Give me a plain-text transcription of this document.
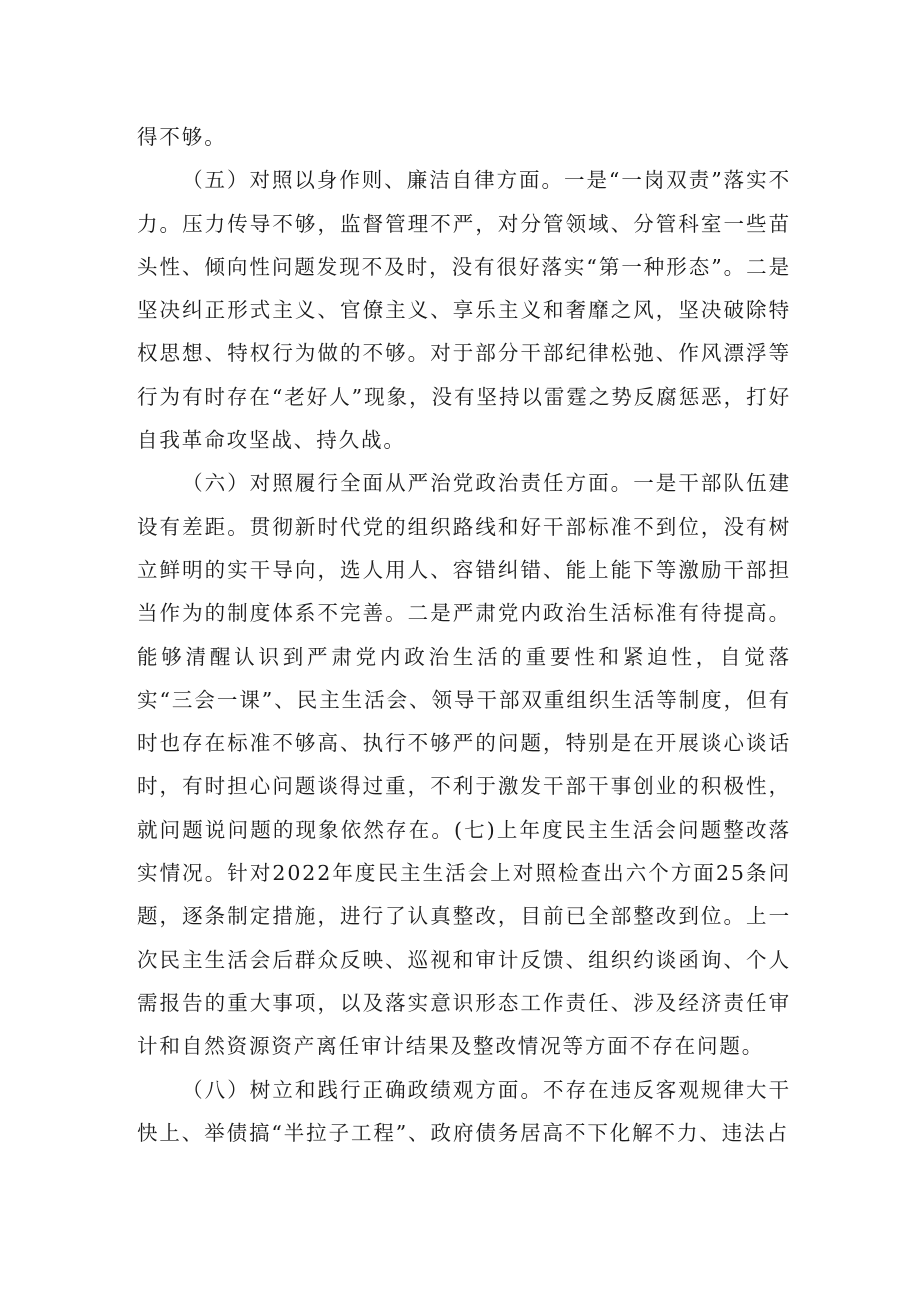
得不够。

（五）对照以身作则、廉洁自律方面。一是“一岗双责”落实不力。压力传导不够，监督管理不严，对分管领域、分管科室一些苗头性、倾向性问题发现不及时，没有很好落实“第一种形态”。二是坚决纠正形式主义、官僚主义、享乐主义和奢靡之风，坚决破除特权思想、特权行为做的不够。对于部分干部纪律松弛、作风漂浮等行为有时存在“老好人”现象，没有坚持以雷霆之势反腐惩恶，打好自我革命攻坚战、持久战。

（六）对照履行全面从严治党政治责任方面。一是干部队伍建设有差距。贯彻新时代党的组织路线和好干部标准不到位，没有树立鲜明的实干导向，选人用人、容错纠错、能上能下等激励干部担当作为的制度体系不完善。二是严肃党内政治生活标准有待提高。能够清醒认识到严肃党内政治生活的重要性和紧迫性，自觉落实“三会一课”、民主生活会、领导干部双重组织生活等制度，但有时也存在标准不够高、执行不够严的问题，特别是在开展谈心谈话时，有时担心问题谈得过重，不利于激发干部干事创业的积极性，就问题说问题的现象依然存在。(七)上年度民主生活会问题整改落实情况。针对2022年度民主生活会上对照检查出六个方面25条问题，逐条制定措施，进行了认真整改，目前已全部整改到位。上一次民主生活会后群众反映、巡视和审计反馈、组织约谈函询、个人需报告的重大事项，以及落实意识形态工作责任、涉及经济责任审计和自然资源资产离任审计结果及整改情况等方面不存在问题。

（八）树立和践行正确政绩观方面。不存在违反客观规律大干快上、举债搞“半拉子工程”、政府债务居高不下化解不力、违法占
